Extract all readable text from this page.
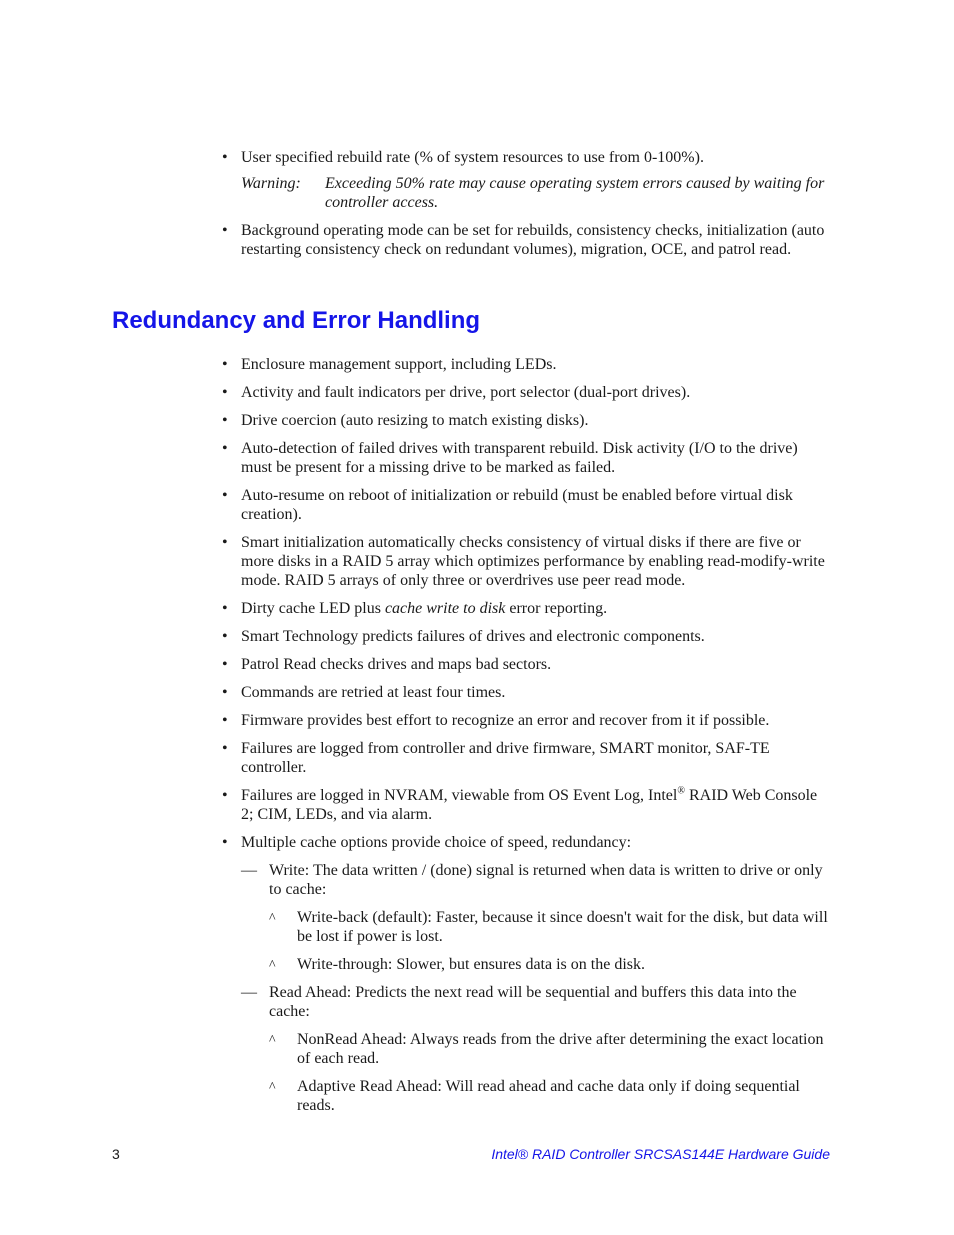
• User specified rebuild rate (% of system resources to use from 0-100%).

Warning:	Exceeding 50% rate may cause operating system errors caused by waiting for controller access.

• Background operating mode can be set for rebuilds, consistency checks, initialization (auto restarting consistency check on redundant volumes), migration, OCE, and patrol read.

Redundancy and Error Handling

• Enclosure management support, including LEDs.

• Activity and fault indicators per drive, port selector (dual-port drives).

• Drive coercion (auto resizing to match existing disks).

• Auto-detection of failed drives with transparent rebuild. Disk activity (I/O to the drive) must be present for a missing drive to be marked as failed.

• Auto-resume on reboot of initialization or rebuild (must be enabled before virtual disk creation).

• Smart initialization automatically checks consistency of virtual disks if there are five or more disks in a RAID 5 array which optimizes performance by enabling read-modify-write mode. RAID 5 arrays of only three or overdrives use peer read mode.

• Dirty cache LED plus cache write to disk error reporting.

• Smart Technology predicts failures of drives and electronic components.

• Patrol Read checks drives and maps bad sectors.

• Commands are retried at least four times.

• Firmware provides best effort to recognize an error and recover from it if possible.

• Failures are logged from controller and drive firmware, SMART monitor, SAF-TE controller.

• Failures are logged in NVRAM, viewable from OS Event Log, Intel® RAID Web Console 2; CIM, LEDs, and via alarm.

• Multiple cache options provide choice of speed, redundancy:

— Write: The data written / (done) signal is returned when data is written to drive or only to cache:

^ Write-back (default): Faster, because it since doesn't wait for the disk, but data will be lost if power is lost.

^ Write-through: Slower, but ensures data is on the disk.

— Read Ahead: Predicts the next read will be sequential and buffers this data into the cache:

^ NonRead Ahead: Always reads from the drive after determining the exact location of each read.

^ Adaptive Read Ahead: Will read ahead and cache data only if doing sequential reads.

3	Intel® RAID Controller SRCSAS144E Hardware Guide
